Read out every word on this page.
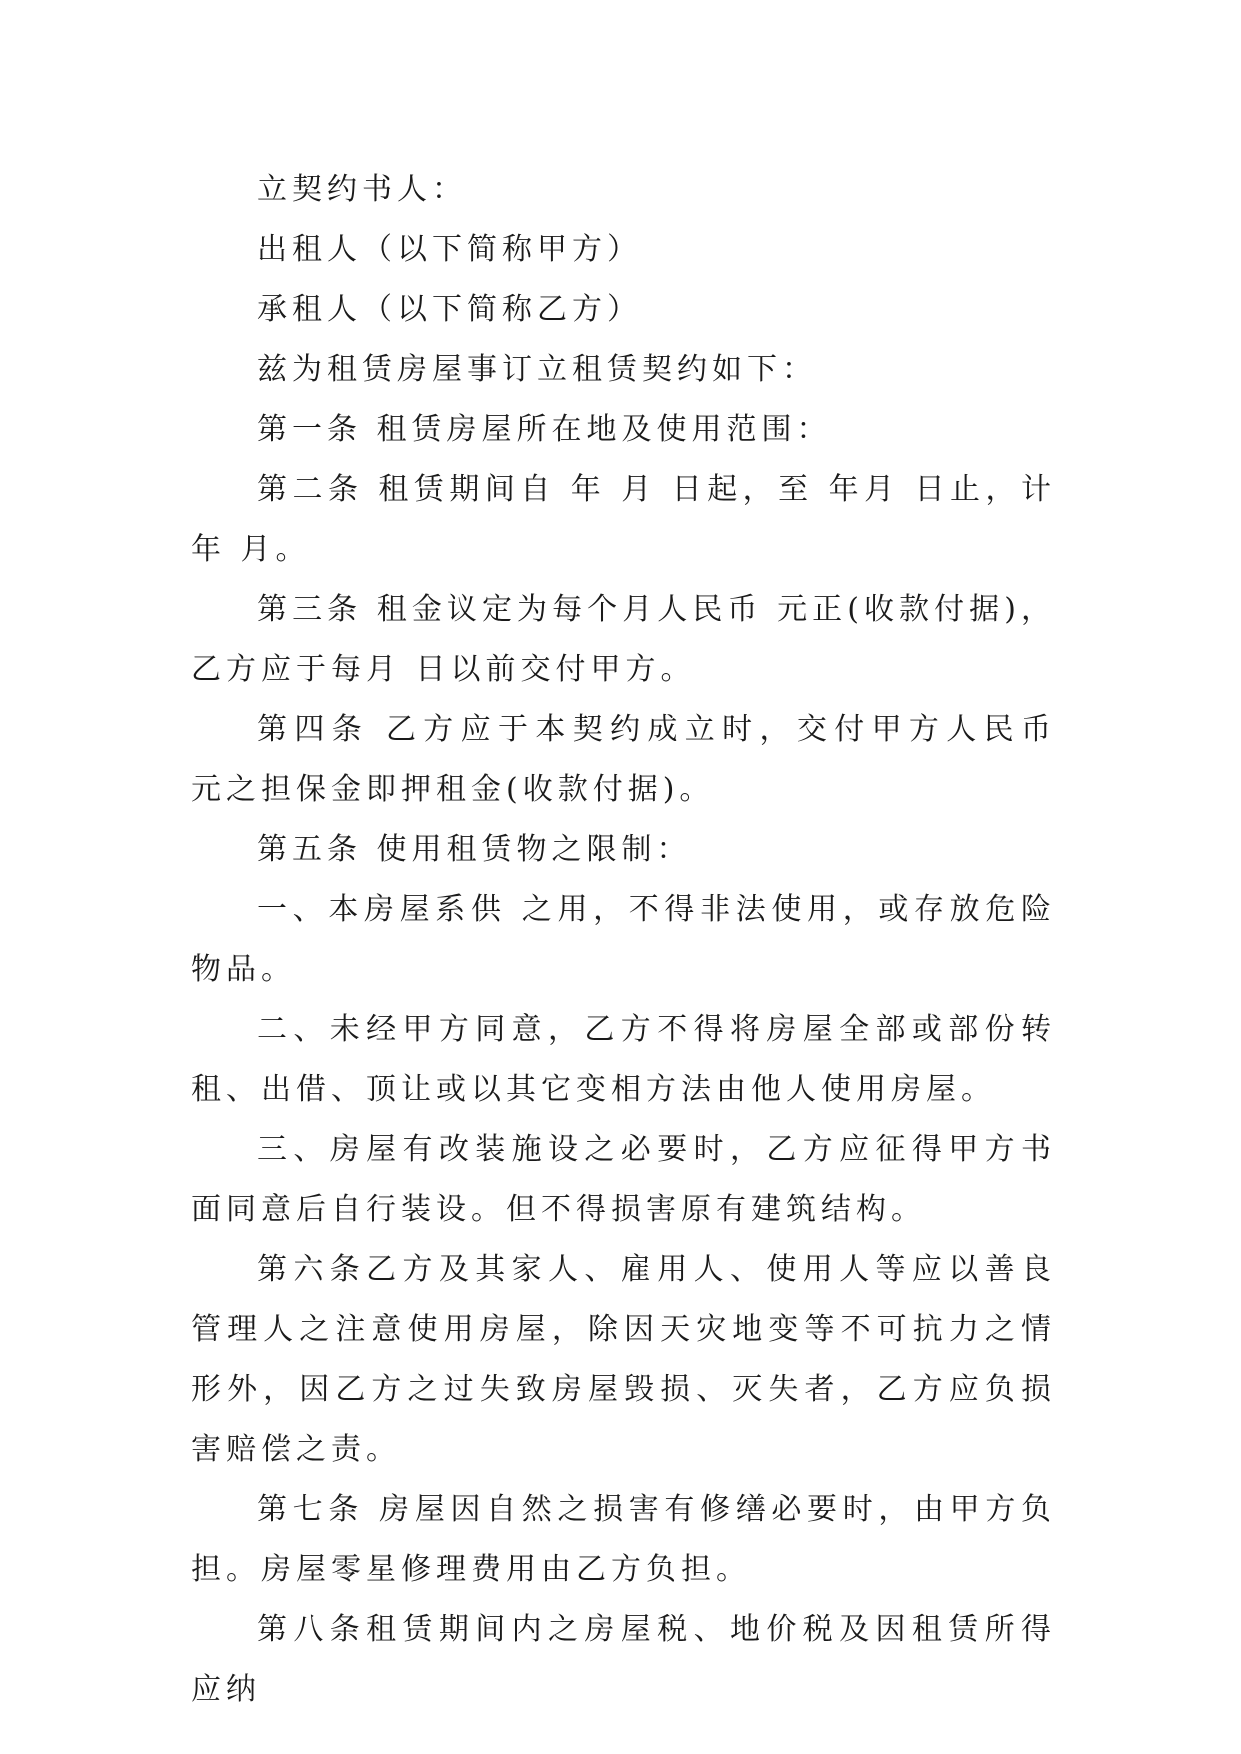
立契约书人：

出租人（以下简称甲方）

承租人（以下简称乙方）

兹为租赁房屋事订立租赁契约如下：

第一条 租赁房屋所在地及使用范围：

第二条 租赁期间自 年 月 日起，至 年月 日止，计年 月。

第三条 租金议定为每个月人民币 元正(收款付据)，乙方应于每月 日以前交付甲方。

第四条 乙方应于本契约成立时，交付甲方人民币 元之担保金即押租金(收款付据)。

第五条 使用租赁物之限制：

一、本房屋系供 之用，不得非法使用，或存放危险物品。

二、未经甲方同意，乙方不得将房屋全部或部份转租、出借、顶让或以其它变相方法由他人使用房屋。

三、房屋有改装施设之必要时，乙方应征得甲方书面同意后自行装设。但不得损害原有建筑结构。

第六条乙方及其家人、雇用人、使用人等应以善良管理人之注意使用房屋，除因天灾地变等不可抗力之情形外，因乙方之过失致房屋毁损、灭失者，乙方应负损害赔偿之责。

第七条 房屋因自然之损害有修缮必要时，由甲方负担。房屋零星修理费用由乙方负担。

第八条租赁期间内之房屋税、地价税及因租赁所得应纳
